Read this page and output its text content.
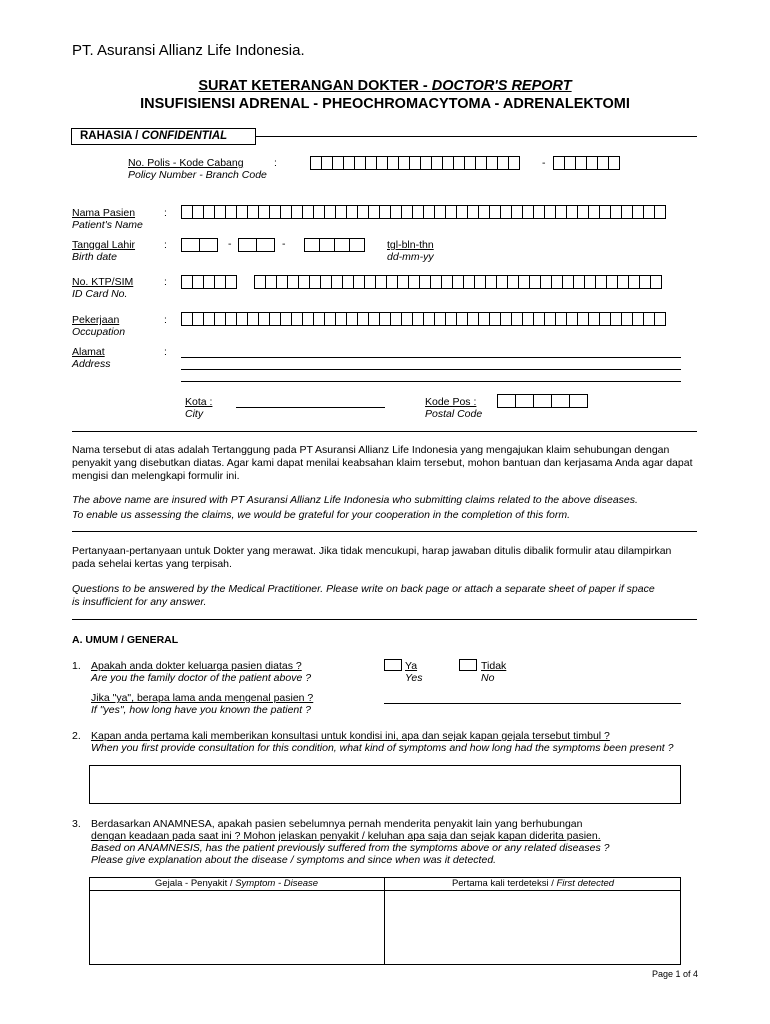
PT. Asuransi Allianz Life Indonesia.
SURAT KETERANGAN DOKTER - DOCTOR'S REPORT
INSUFISIENSI ADRENAL - PHEOCHROMACYTOMA - ADRENALEKTOMI
RAHASIA / CONFIDENTIAL
No. Polis - Kode Cabang
Policy Number - Branch Code
:	-
Nama Pasien
Patient's Name
:
Tanggal Lahir
Birth date
:	-	-	tgl-bln-thn
dd-mm-yy
No. KTP/SIM
ID Card No.
:
Pekerjaan
Occupation
:
Alamat
Address
:
Kota :
City
Kode Pos :
Postal Code
Nama tersebut di atas adalah Tertanggung pada PT Asuransi Allianz Life Indonesia yang mengajukan klaim sehubungan dengan penyakit yang disebutkan diatas. Agar kami dapat menilai keabsahan klaim tersebut, mohon bantuan dan kerjasama Anda agar dapat mengisi dan melengkapi formulir ini.
The above name are insured with PT Asuransi Allianz Life Indonesia who submitting claims related to the above diseases.
To enable us assessing the claims, we would be grateful for your cooperation in the completion of this form.
Pertanyaan-pertanyaan untuk Dokter yang merawat. Jika tidak mencukupi, harap jawaban ditulis dibalik formulir atau dilampirkan pada sehelai kertas yang terpisah.
Questions to be answered by the Medical Practitioner. Please write on back page or attach a separate sheet of paper if space is insufficient for any answer.
A. UMUM / GENERAL
1. Apakah anda dokter keluarga pasien diatas ?
Are you the family doctor of the patient above ?
Ya
Yes
Tidak
No
Jika "ya", berapa lama anda mengenal pasien ?
If "yes", how long have you known the patient ?
2. Kapan anda pertama kali memberikan konsultasi untuk kondisi ini, apa dan sejak kapan gejala tersebut timbul ?
When you first provide consultation for this condition, what kind of symptoms and how long had the symptoms been present ?
3. Berdasarkan ANAMNESA, apakah pasien sebelumnya pernah menderita penyakit lain yang berhubungan
dengan keadaan pada saat ini ? Mohon jelaskan penyakit / keluhan apa saja dan sejak kapan diderita pasien.
Based on ANAMNESIS, has the patient previously suffered from the symptoms above or any related diseases ?
Please give explanation about the disease / symptoms and since when was it detected.
Gejala - Penyakit / Symptom - Disease	Pertama kali terdeteksi / First detected
Page 1 of 4
